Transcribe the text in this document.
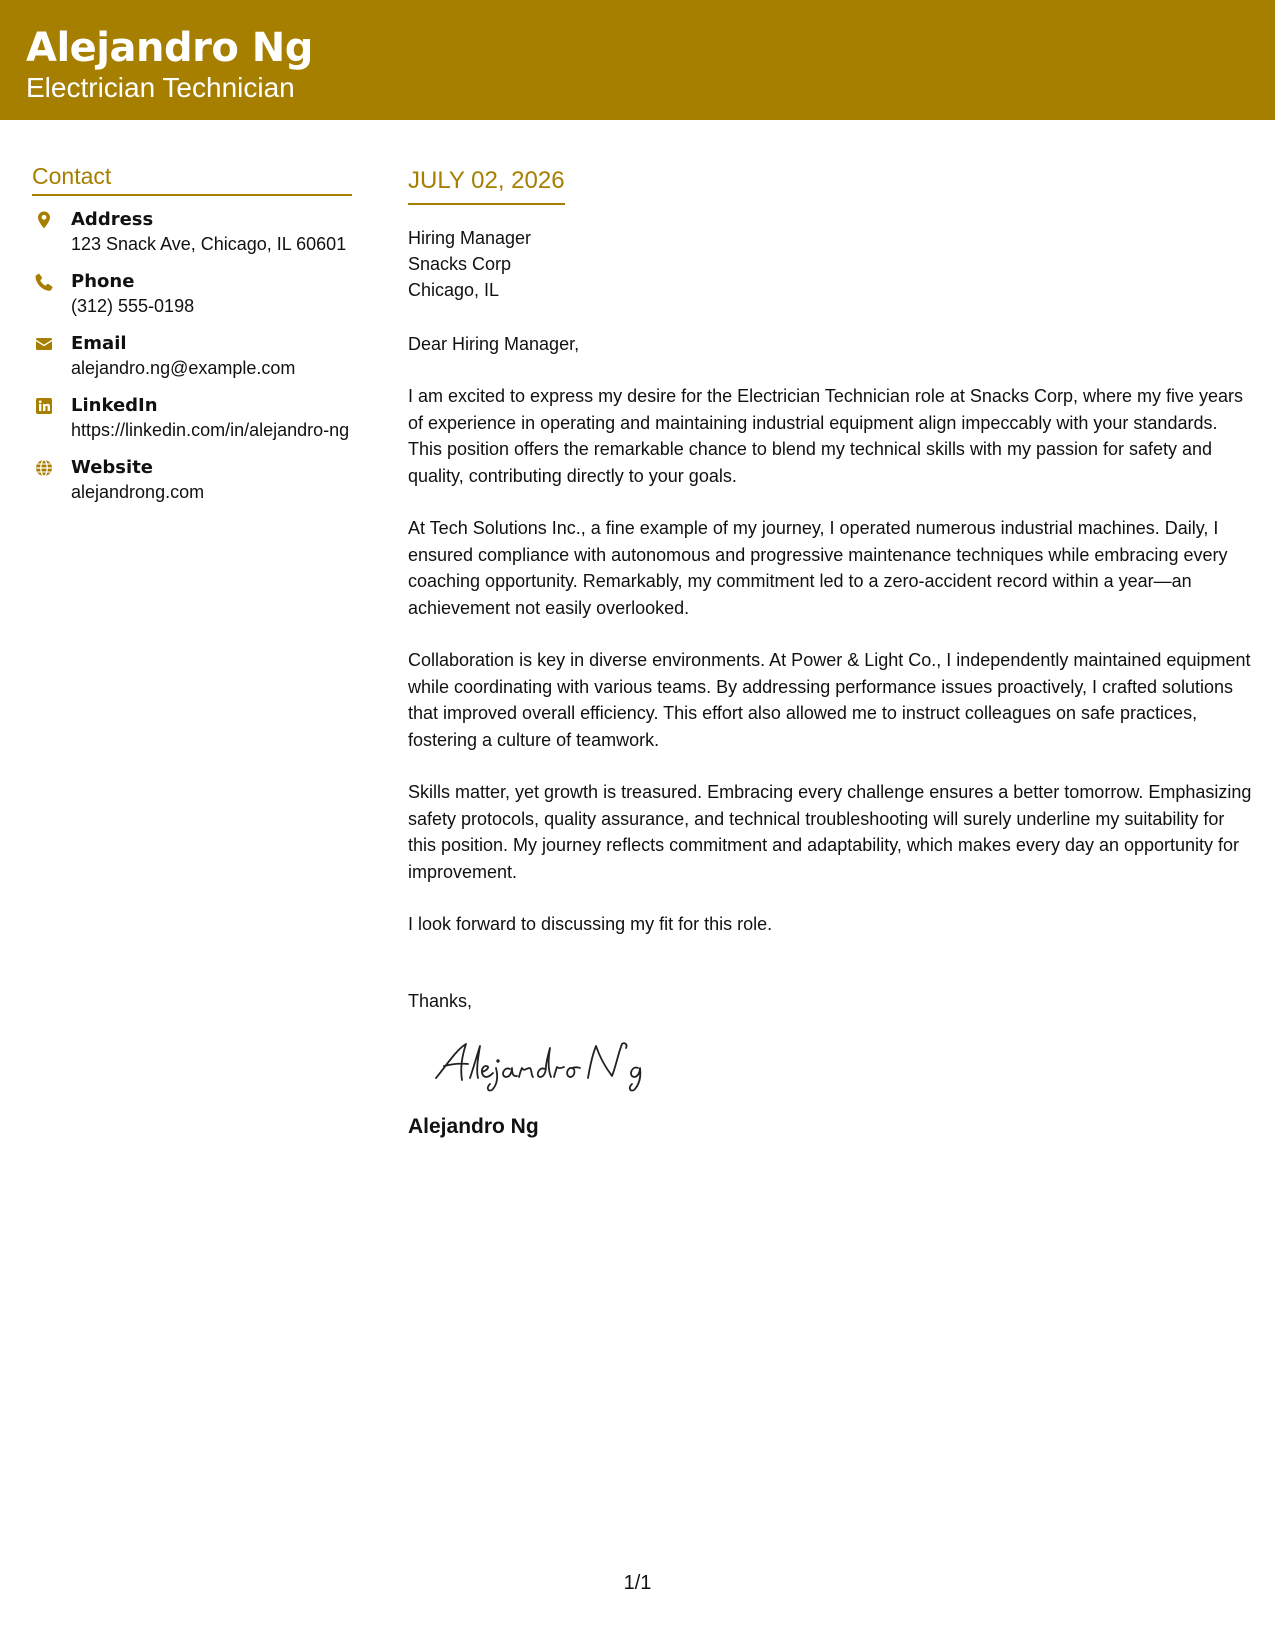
Alejandro Ng
Electrician Technician
Contact
Address
123 Snack Ave, Chicago, IL 60601
Phone
(312) 555-0198
Email
alejandro.ng@example.com
LinkedIn
https://linkedin.com/in/alejandro-ng
Website
alejandrong.com
JULY 02, 2026
Hiring Manager
Snacks Corp
Chicago, IL
Dear Hiring Manager,

I am excited to express my desire for the Electrician Technician role at Snacks Corp, where my five years of experience in operating and maintaining industrial equipment align impeccably with your standards. This position offers the remarkable chance to blend my technical skills with my passion for safety and quality, contributing directly to your goals.

At Tech Solutions Inc., a fine example of my journey, I operated numerous industrial machines. Daily, I ensured compliance with autonomous and progressive maintenance techniques while embracing every coaching opportunity. Remarkably, my commitment led to a zero-accident record within a year—an achievement not easily overlooked.

Collaboration is key in diverse environments. At Power & Light Co., I independently maintained equipment while coordinating with various teams. By addressing performance issues proactively, I crafted solutions that improved overall efficiency. This effort also allowed me to instruct colleagues on safe practices, fostering a culture of teamwork.

Skills matter, yet growth is treasured. Embracing every challenge ensures a better tomorrow. Emphasizing safety protocols, quality assurance, and technical troubleshooting will surely underline my suitability for this position. My journey reflects commitment and adaptability, which makes every day an opportunity for improvement.

I look forward to discussing my fit for this role.

Thanks,
Alejandro Ng
1/1
